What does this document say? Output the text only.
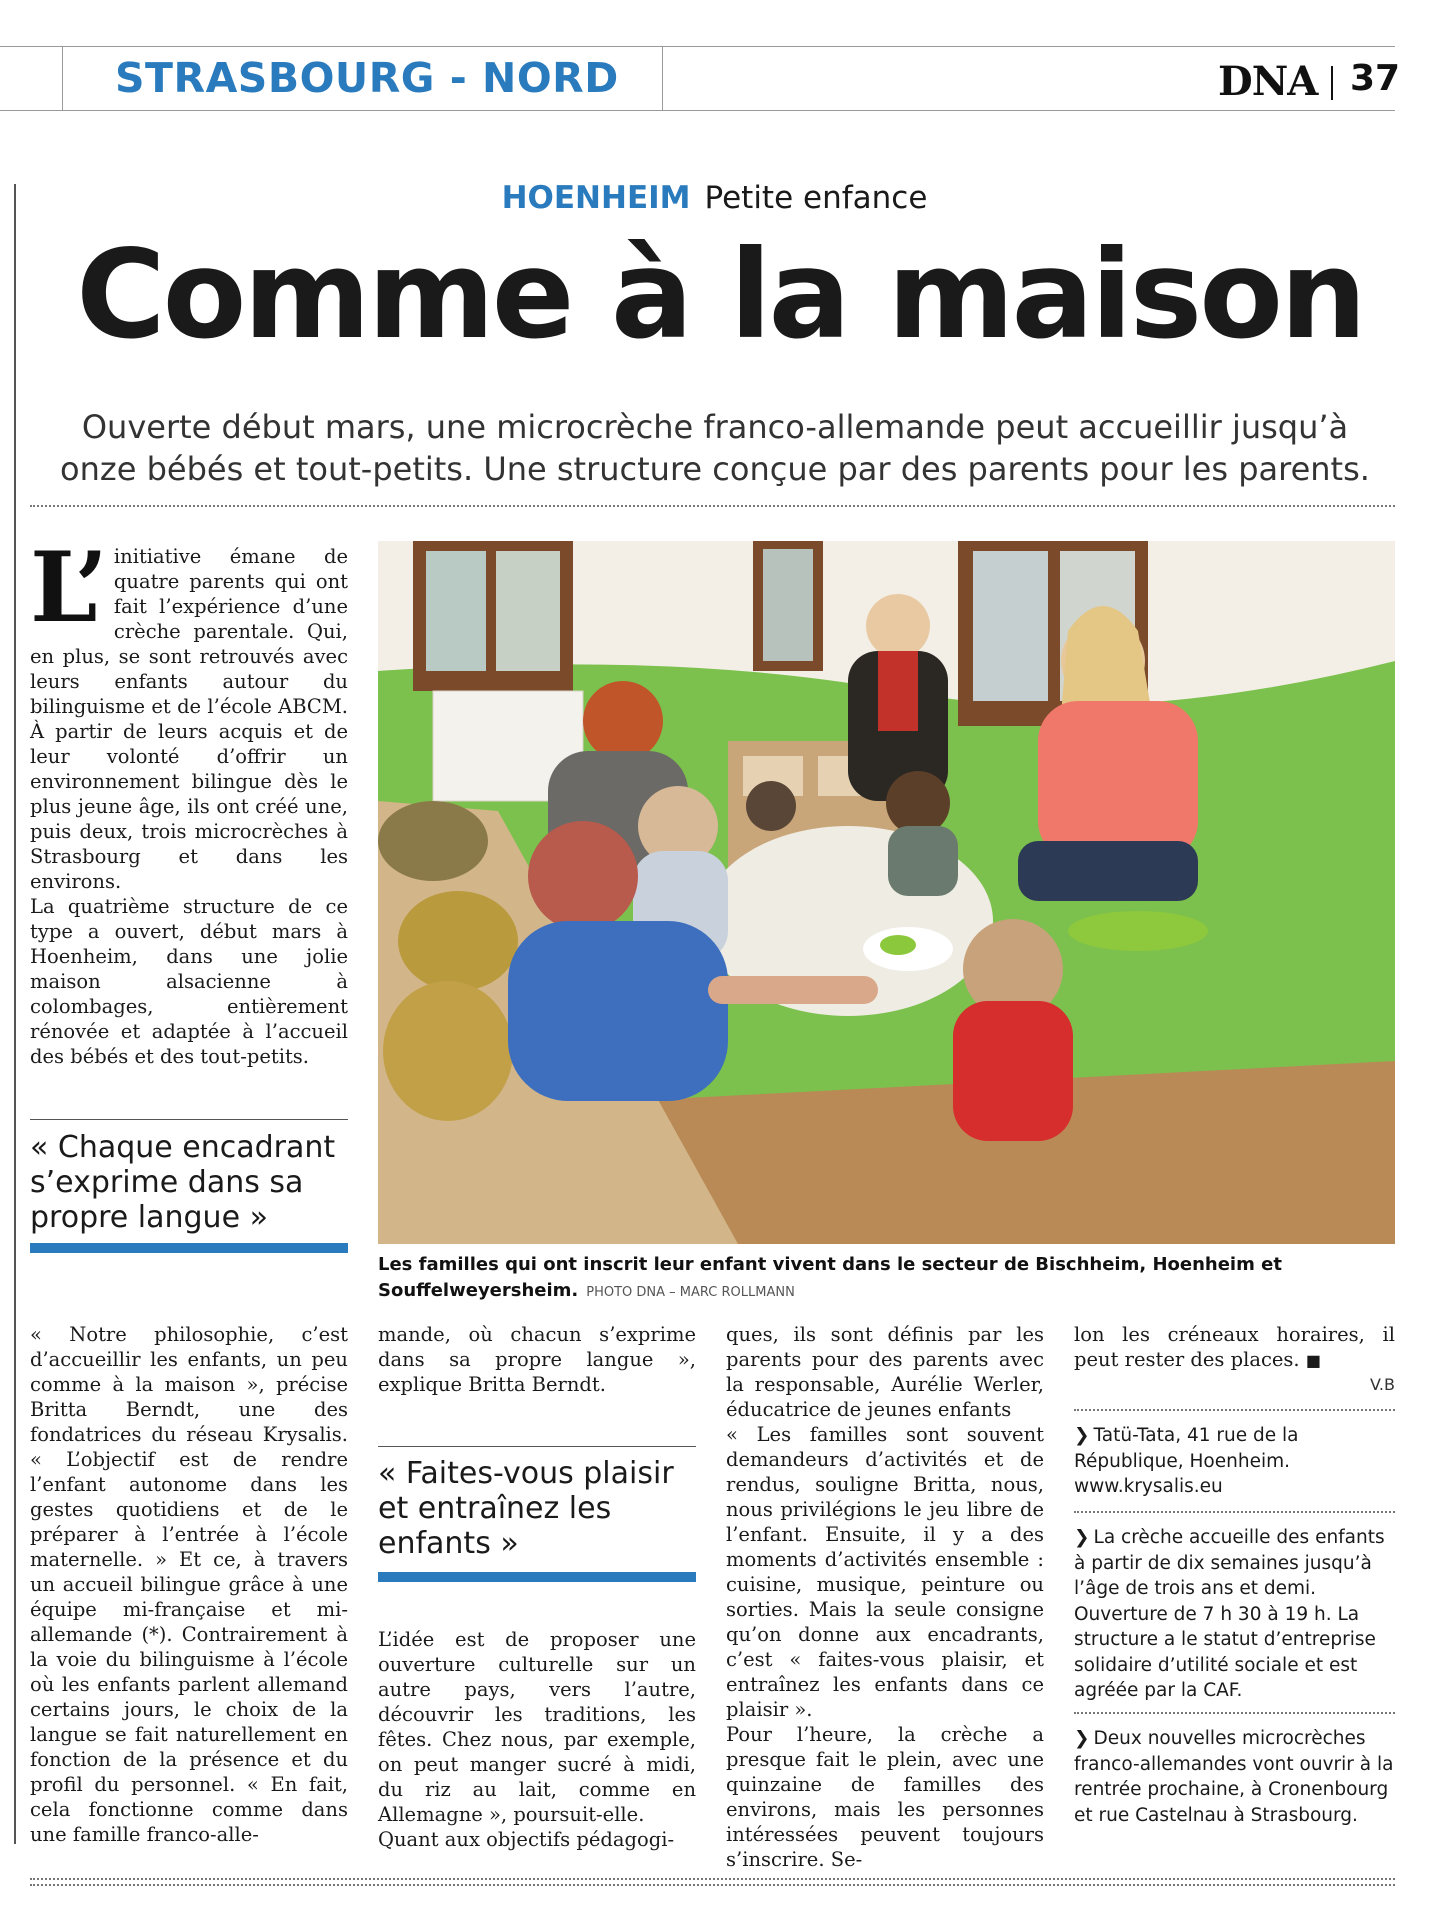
STRASBOURG - NORD	DNA 37
HOENHEIM Petite enfance
Comme à la maison
Ouverte début mars, une microcrèche franco-allemande peut accueillir jusqu’à onze bébés et tout-petits. Une structure conçue par des parents pour les parents.
L’ initiative émane de quatre parents qui ont fait l’expérience d’une crèche parentale. Qui, en plus, se sont retrouvés avec leurs enfants autour du bilinguisme et de l’école ABCM. À partir de leurs acquis et de leur volonté d’offrir un environnement bilingue dès le plus jeune âge, ils ont créé une, puis deux, trois microcrèches à Strasbourg et dans les environs.
La quatrième structure de ce type a ouvert, début mars à Hoenheim, dans une jolie maison alsacienne à colombages, entièrement rénovée et adaptée à l’accueil des bébés et des tout-petits.
« Chaque encadrant s’exprime dans sa propre langue »
Les familles qui ont inscrit leur enfant vivent dans le secteur de Bischheim, Hoenheim et Souffelweyersheim. PHOTO DNA – MARC ROLLMANN
« Notre philosophie, c’est d’accueillir les enfants, un peu comme à la maison », précise Britta Berndt, une des fondatrices du réseau Krysalis. « L’objectif est de rendre l’enfant autonome dans les gestes quotidiens et de le préparer à l’entrée à l’école maternelle. » Et ce, à travers un accueil bilingue grâce à une équipe mi-française et mi-allemande (*). Contrairement à la voie du bilinguisme à l’école où les enfants parlent allemand certains jours, le choix de la langue se fait naturellement en fonction de la présence et du profil du personnel. « En fait, cela fonctionne comme dans une famille franco-alle-
mande, où chacun s’exprime dans sa propre langue », explique Britta Berndt.
« Faites-vous plaisir et entraînez les enfants »
L’idée est de proposer une ouverture culturelle sur un autre pays, vers l’autre, découvrir les traditions, les fêtes. Chez nous, par exemple, on peut manger sucré à midi, du riz au lait, comme en Allemagne », poursuit-elle.
Quant aux objectifs pédagogi-
ques, ils sont définis par les parents pour des parents avec la responsable, Aurélie Werler, éducatrice de jeunes enfants
« Les familles sont souvent demandeurs d’activités et de rendus, souligne Britta, nous, nous privilégions le jeu libre de l’enfant. Ensuite, il y a des moments d’activités ensemble : cuisine, musique, peinture ou sorties. Mais la seule consigne qu’on donne aux encadrants, c’est « faites-vous plaisir, et entraînez les enfants dans ce plaisir ».
Pour l’heure, la crèche a presque fait le plein, avec une quinzaine de familles des environs, mais les personnes intéressées peuvent toujours s’inscrire. Se-
lon les créneaux horaires, il peut rester des places. ■
V.B
❯ Tatü-Tata, 41 rue de la République, Hoenheim. www.krysalis.eu
❯ La crèche accueille des enfants à partir de dix semaines jusqu’à l’âge de trois ans et demi. Ouverture de 7 h 30 à 19 h. La structure a le statut d’entreprise solidaire d’utilité sociale et est agréée par la CAF.
❯ Deux nouvelles microcrèches franco-allemandes vont ouvrir à la rentrée prochaine, à Cronenbourg et rue Castelnau à Strasbourg.
